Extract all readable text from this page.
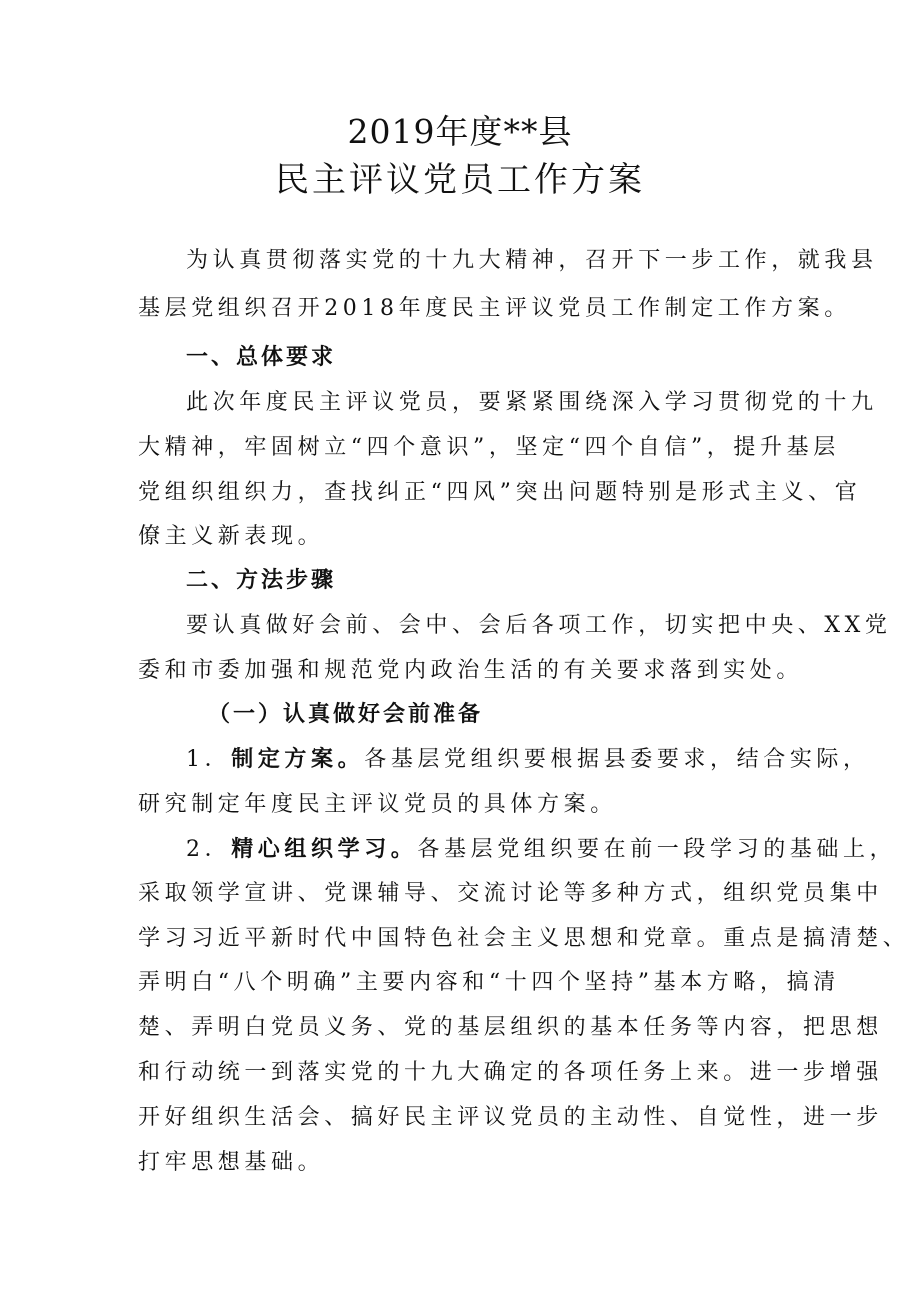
2019年度**县
民主评议党员工作方案

为认真贯彻落实党的十九大精神，召开下一步工作，就我县

基层党组织召开2018年度民主评议党员工作制定工作方案。

一、总体要求

此次年度民主评议党员，要紧紧围绕深入学习贯彻党的十九

大精神，牢固树立“四个意识”，坚定“四个自信”，提升基层

党组织组织力，查找纠正“四风”突出问题特别是形式主义、官

僚主义新表现。

二、方法步骤

要认真做好会前、会中、会后各项工作，切实把中央、XX党

委和市委加强和规范党内政治生活的有关要求落到实处。

（一）认真做好会前准备

1．制定方案。各基层党组织要根据县委要求，结合实际，

研究制定年度民主评议党员的具体方案。

2．精心组织学习。各基层党组织要在前一段学习的基础上，

采取领学宣讲、党课辅导、交流讨论等多种方式，组织党员集中

学习习近平新时代中国特色社会主义思想和党章。重点是搞清楚、

弄明白“八个明确”主要内容和“十四个坚持”基本方略，搞清

楚、弄明白党员义务、党的基层组织的基本任务等内容，把思想

和行动统一到落实党的十九大确定的各项任务上来。进一步增强

开好组织生活会、搞好民主评议党员的主动性、自觉性，进一步

打牢思想基础。
